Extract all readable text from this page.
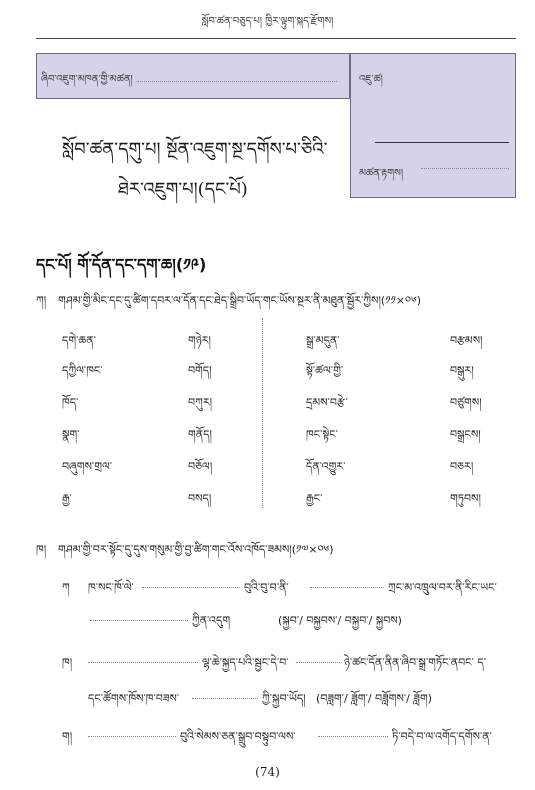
སློབ་ཚན་བཅུད་པ། ཁྱིར་ལྟུག་སྐད་རྫོགས།
ཞིབ་འཇུག་མཁན་གྱི་མཚན།	འཇུ་ཚ།
མཚན་རྟགས།
སློབ་ཚན་དགུ་པ། སྔོན་འཇུག་སྔ་དགོས་པ་ཅིའི་
ཐེར་འཇུག་པ།(དང་པོ)
དང་པོ། གོ་དོན་དང་དག་ཆ།(༡༩)
ཀ། གཤམ་གྱི་མིང་དང་དུ་ཚིག་དབར་ལ་དོན་དང་ཐེད་སྒྲིབ་ཡོད་གང་ཡོས་སྔར་ནི་མཐུན་སྦྱོར་ཀྱིས།(༡༡×༠༦)
དགེ་ཆན་	གཉེར།	སྒྲ་མདུན་	བརྩམས།
དཀྱིལ་ཁང་	བགོད།	སྟོ་ཚལ་གྱི་	བསྒུར།
ཁོད་	བཀུར།	དྲམས་བརྩེ་	བཙུགས།
སྣག་	གནོད།	ཁང་སྟེང་	བསྒྲངས།
བཞུགས་གྲལ་	བཅོལ།	དོན་འགྱུར་	བཅར།
རྒྱ་	བསད།	རྒྱང་	གཏུབས།
ཁ། གཤམ་གྱི་བར་སྟོང་དུ་དུས་གསུམ་གྱི་བྱ་ཚིག་གང་འོས་འཁོད་ཟམས།(༡༧×༠༦)
ཀ ཁ་སང་ཁོ་ལེ་	བུའི་བུ་བ་ནི་	ཀྲང་མ་འཁྲུལ་བར་ནི་རིང་ཡང་
ཀྱིན་འདུག	(སྐྱབ་/ བསྐྱབས་/ བསྐྱབ་/ སྐྱབས)
ཁ།	ལྷ་ཆེ་སྐྱད་པའི་སྦྱང་དེ་བ་	ཉེ་ཚང་དོན་ནིན་ཞིབ་སྒྲ་གཏོང་ནབང་ ད་
དང་ཚོགས་ཁོས་ཁ་བཟས་	ཀྱི་སྐྱབ་ཡོད། (བཟླག་/ ཟློག་/ བཟློགས་/ ཟློག)
ག།	བུའི་སེམས་ཅན་སྒྲུབ་བསྟུབ་ལས་	ཏི་བདེ་བ་ལ་འགོད་དགོས་ན་
(74)
